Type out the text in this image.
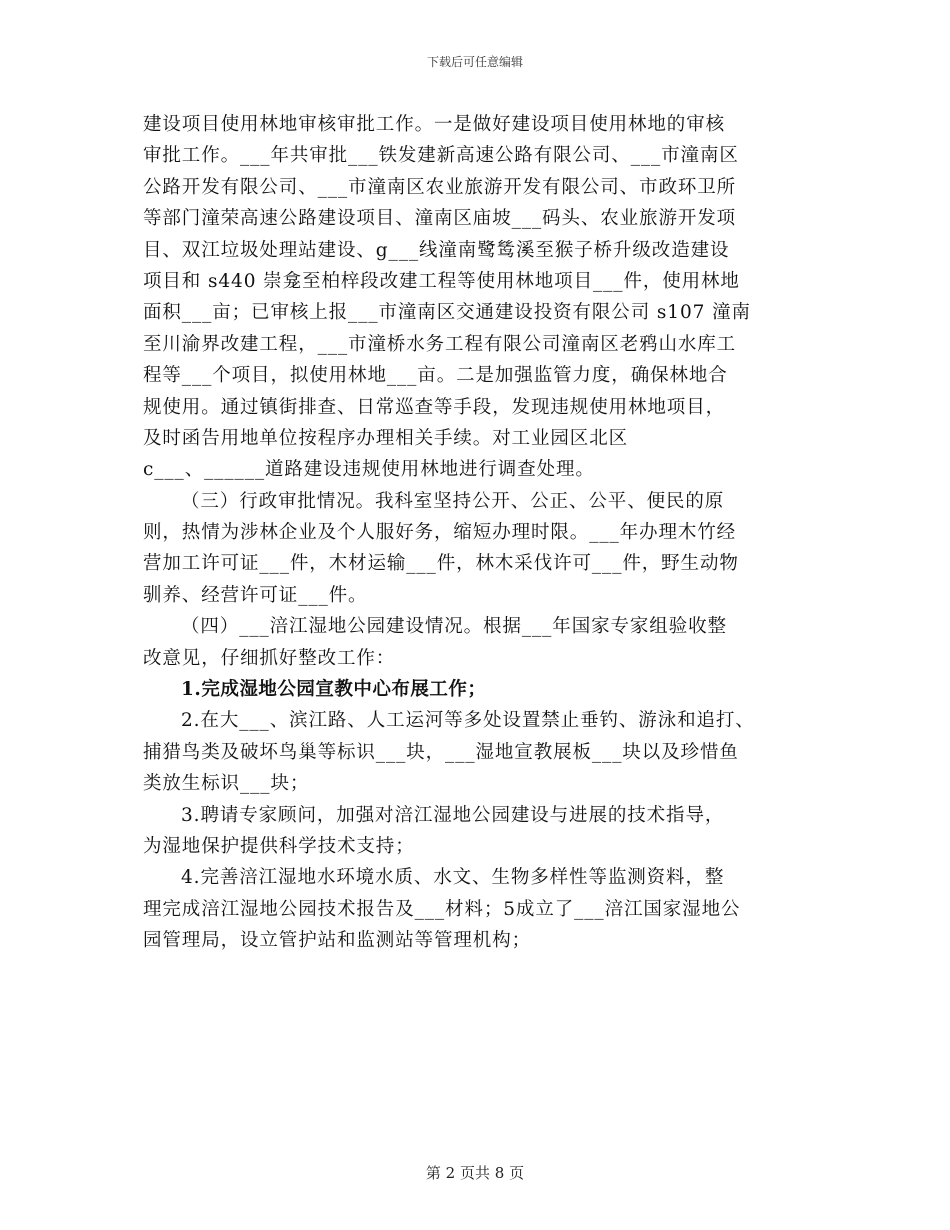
下载后可任意编辑
建设项目使用林地审核审批工作。一是做好建设项目使用林地的审核
审批工作。___年共审批___铁发建新高速公路有限公司、___市潼南区
公路开发有限公司、___市潼南区农业旅游开发有限公司、市政环卫所
等部门潼荣高速公路建设项目、潼南区庙坡___码头、农业旅游开发项
目、双江垃圾处理站建设、g___线潼南鹭鸶溪至猴子桥升级改造建设
项目和 s440 崇龛至柏梓段改建工程等使用林地项目___件，使用林地
面积___亩；已审核上报___市潼南区交通建设投资有限公司 s107 潼南
至川渝界改建工程，___市潼桥水务工程有限公司潼南区老鸦山水库工
程等___个项目，拟使用林地___亩。二是加强监管力度，确保林地合
规使用。通过镇街排查、日常巡查等手段，发现违规使用林地项目，
及时函告用地单位按程序办理相关手续。对工业园区北区
c___、______道路建设违规使用林地进行调查处理。
（三）行政审批情况。我科室坚持公开、公正、公平、便民的原
则，热情为涉林企业及个人服好务，缩短办理时限。___年办理木竹经
营加工许可证___件，木材运输___件，林木采伐许可___件，野生动物
驯养、经营许可证___件。
（四）___涪江湿地公园建设情况。根据___年国家专家组验收整
改意见，仔细抓好整改工作：
1.完成湿地公园宣教中心布展工作；
2.在大___、滨江路、人工运河等多处设置禁止垂钓、游泳和追打、
捕猎鸟类及破坏鸟巢等标识___块，___湿地宣教展板___块以及珍惜鱼
类放生标识___块；
3.聘请专家顾问，加强对涪江湿地公园建设与进展的技术指导，
为湿地保护提供科学技术支持；
4.完善涪江湿地水环境水质、水文、生物多样性等监测资料，整
理完成涪江湿地公园技术报告及___材料；5成立了___涪江国家湿地公
园管理局，设立管护站和监测站等管理机构；
第 2 页共 8 页
